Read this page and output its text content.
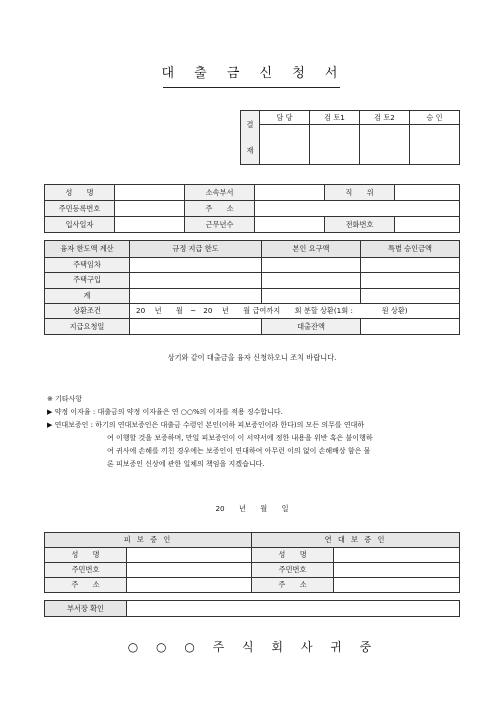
대 출 금 신 청 서
결
재	담 당	검 토1	검 토2	승 인

성　　명		소속부서		직　　위	
주민등록번호		주　　소			
입사일자		근무년수		전화번호	
융자 한도액 계산	규정 지급 한도	본인 요구액	특별 승인금액
주택임차			
주택구입			
계			
상환조건	20　 년　　월　~　20　 년　　월 급여까지　　회 분할 상환(1회 :　　　　원 상환)		
지급요청일		대출잔액	
상기와 같이 대출금을 융자 신청하오니 조치 바랍니다.
※ 기타사항
▶ 약정 이자율 : 대출금의 약정 이자율은 연 ○○%의 이자를 적용 징수합니다.
▶ 연대보증인 : 하기의 연대보증인은 대출금 수령인 본인(이하 피보증인이라 한다)의 모든 의무를 연대하
여 이행할 것을 보증하며, 만일 피보증인이 이 서약서에 정한 내용을 위반 혹은 불이행하
여 귀사에 손해를 끼친 경우에는 보증인이 연대하여 아무런 이의 없이 손해배상 함은 물
론 피보증인 신상에 관한 일체의 책임을 지겠습니다.
20　　년　　월　　일
피 보 증 인		연 대 보 증 인	
성　　명		성　　명	
주민번호		주민번호	
주　　소		주　　소	
부서장 확인	
○ ○ ○ 주 식 회 사 귀 중
